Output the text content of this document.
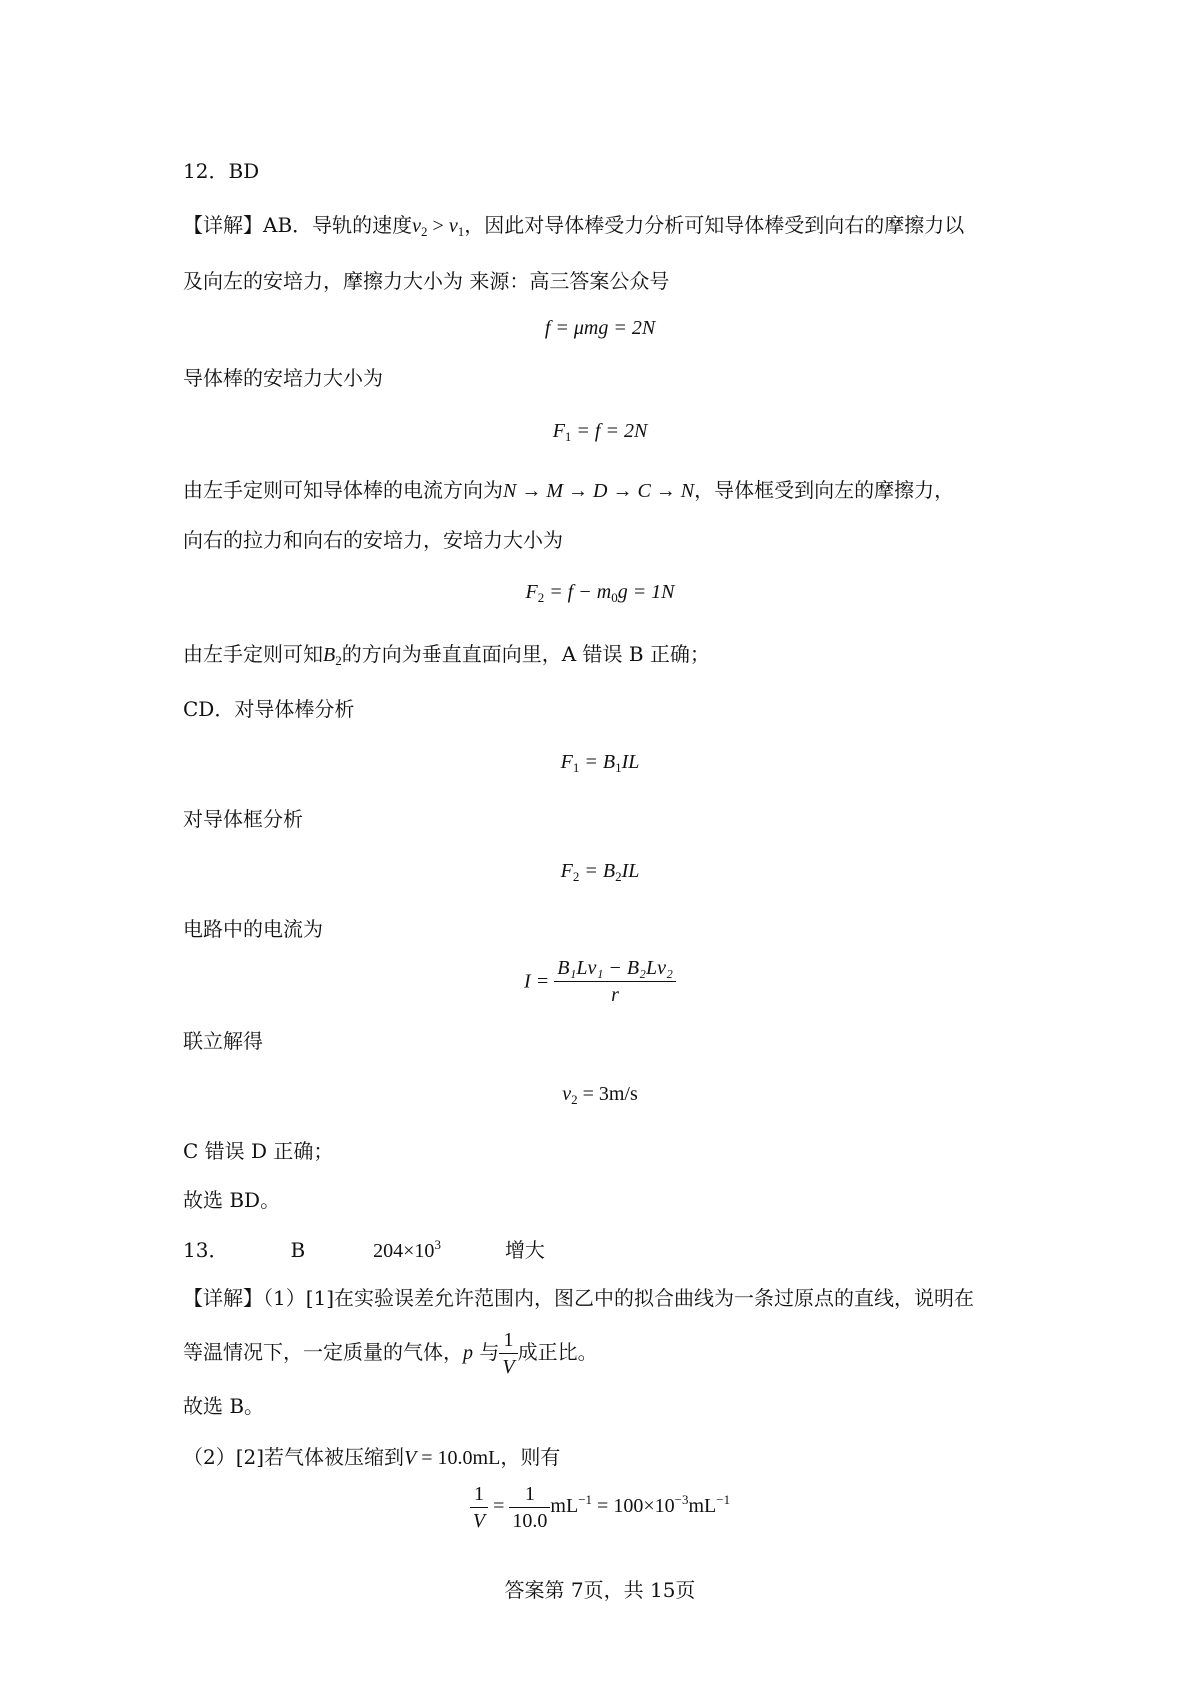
12．BD
【详解】AB．导轨的速度$v_2 > v_1$，因此对导体棒受力分析可知导体棒受到向右的摩擦力以
及向左的安培力，摩擦力大小为 来源：高三答案公众号
f = μmg = 2N
导体棒的安培力大小为
$F_1 = f = 2N$
由左手定则可知导体棒的电流方向为N → M → D → C → N，导体框受到向左的摩擦力，
向右的拉力和向右的安培力，安培力大小为
$F_2 = f - m_0g = 1N$
由左手定则可知$B_2$的方向为垂直直面向里，A 错误 B 正确；
CD．对导体棒分析
$F_1 = B_1IL$
对导体框分析
$F_2 = B_2IL$
电路中的电流为
$I = \frac{\text{B₁Lv₁ − B₂Lv₂}}{r}$
联立解得
$v_2 = 3m/s$
C 错误 D 正确；
故选 BD。
13．	B	$204\times 10^3$	增大
【详解】（1）[1]在实验误差允许范围内，图乙中的拟合曲线为一条过原点的直线，说明在
等温情况下，一定质量的气体，p 与 $\frac{1}{V}$ 成正比。
故选 B。
（2）[2]若气体被压缩到V = 10.0mL，则有
$\frac{1}{V} = \frac{1}{10.0} mL^{-1} = 100\times 10^{-3}mL^{-1}$
答案第 7页，共 15页
